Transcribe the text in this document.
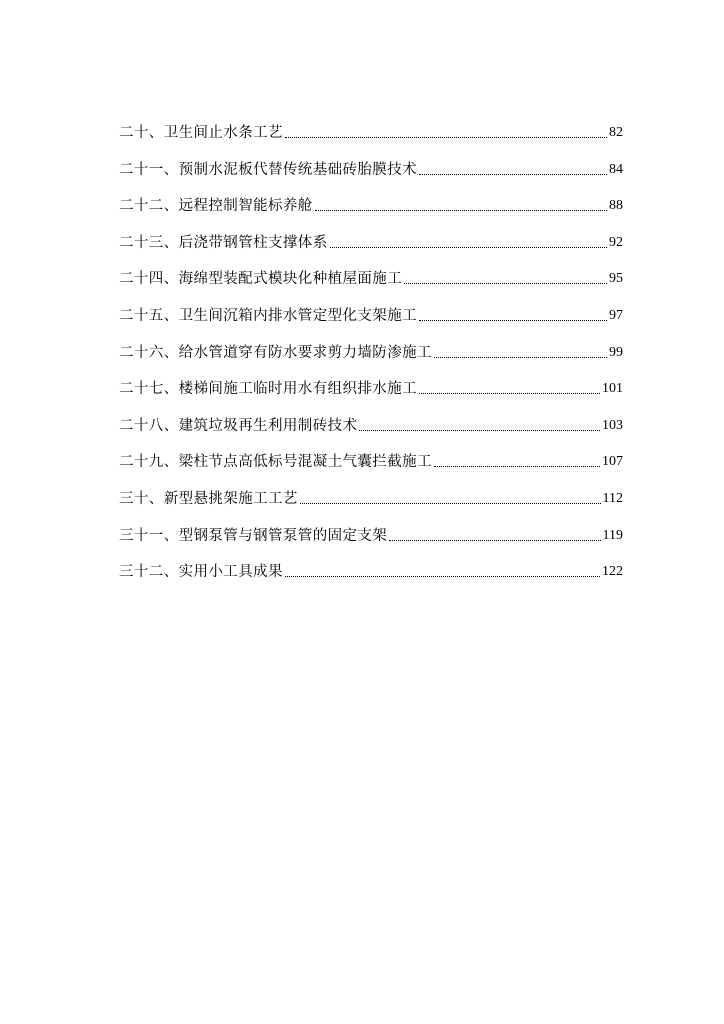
二十、卫生间止水条工艺	82
二十一、预制水泥板代替传统基础砖胎膜技术	84
二十二、远程控制智能标养舱	88
二十三、后浇带钢管柱支撑体系	92
二十四、海绵型装配式模块化种植屋面施工	95
二十五、卫生间沉箱内排水管定型化支架施工	97
二十六、给水管道穿有防水要求剪力墙防渗施工	99
二十七、楼梯间施工临时用水有组织排水施工	101
二十八、建筑垃圾再生利用制砖技术	103
二十九、梁柱节点高低标号混凝土气囊拦截施工	107
三十、新型悬挑架施工工艺	112
三十一、型钢泵管与钢管泵管的固定支架	119
三十二、实用小工具成果	122
